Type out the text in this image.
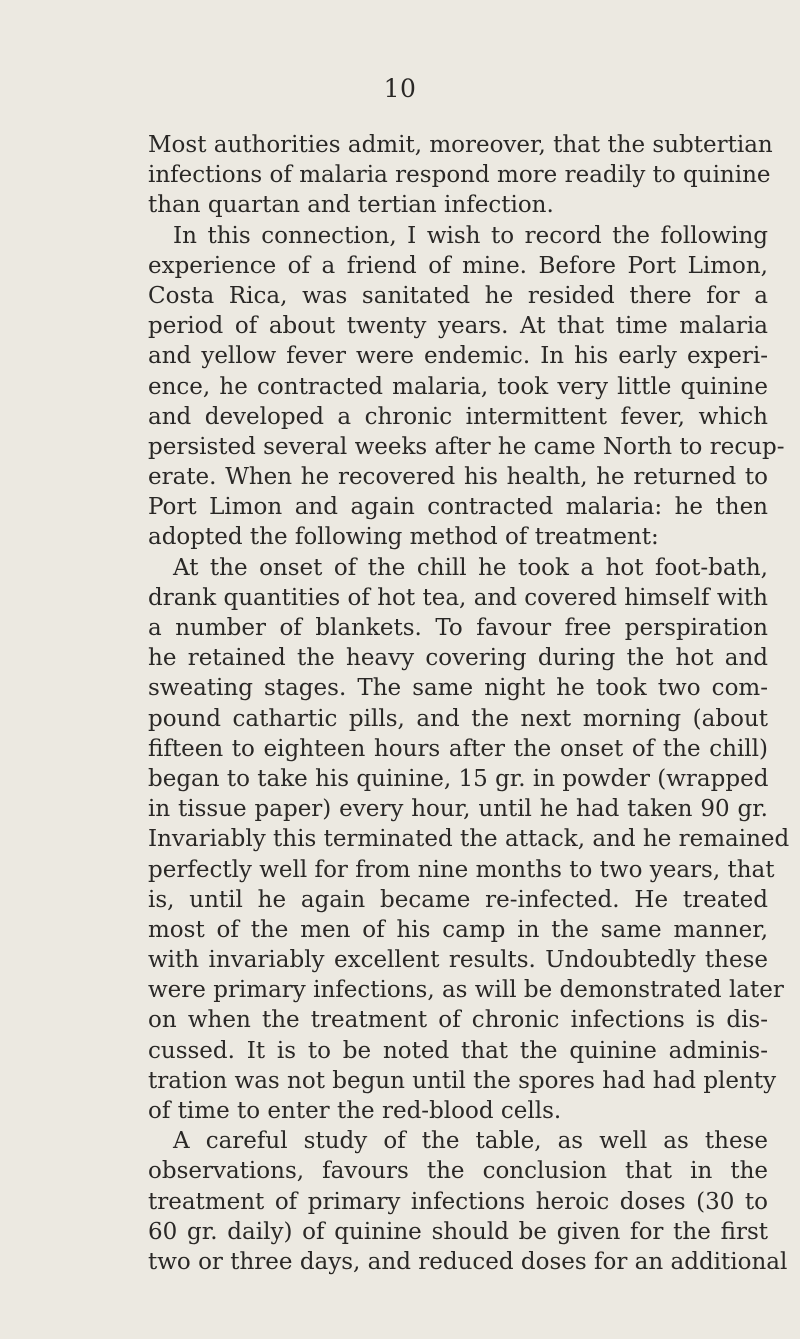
10
Most authorities admit, moreover, that the subtertian
infections of malaria respond more readily to quinine
than quartan and tertian infection.
In this connection, I wish to record the following
experience of a friend of mine. Before Port Limon,
Costa Rica, was sanitated he resided there for a
period of about twenty years. At that time malaria
and yellow fever were endemic. In his early experi-
ence, he contracted malaria, took very little quinine
and developed a chronic intermittent fever, which
persisted several weeks after he came North to recup-
erate. When he recovered his health, he returned to
Port Limon and again contracted malaria: he then
adopted the following method of treatment:
At the onset of the chill he took a hot foot-bath,
drank quantities of hot tea, and covered himself with
a number of blankets. To favour free perspiration
he retained the heavy covering during the hot and
sweating stages. The same night he took two com-
pound cathartic pills, and the next morning (about
fifteen to eighteen hours after the onset of the chill)
began to take his quinine, 15 gr. in powder (wrapped
in tissue paper) every hour, until he had taken 90 gr.
Invariably this terminated the attack, and he remained
perfectly well for from nine months to two years, that
is, until he again became re-infected. He treated
most of the men of his camp in the same manner,
with invariably excellent results. Undoubtedly these
were primary infections, as will be demonstrated later
on when the treatment of chronic infections is dis-
cussed. It is to be noted that the quinine adminis-
tration was not begun until the spores had had plenty
of time to enter the red-blood cells.
A careful study of the table, as well as these
observations, favours the conclusion that in the
treatment of primary infections heroic doses (30 to
60 gr. daily) of quinine should be given for the first
two or three days, and reduced doses for an additional
